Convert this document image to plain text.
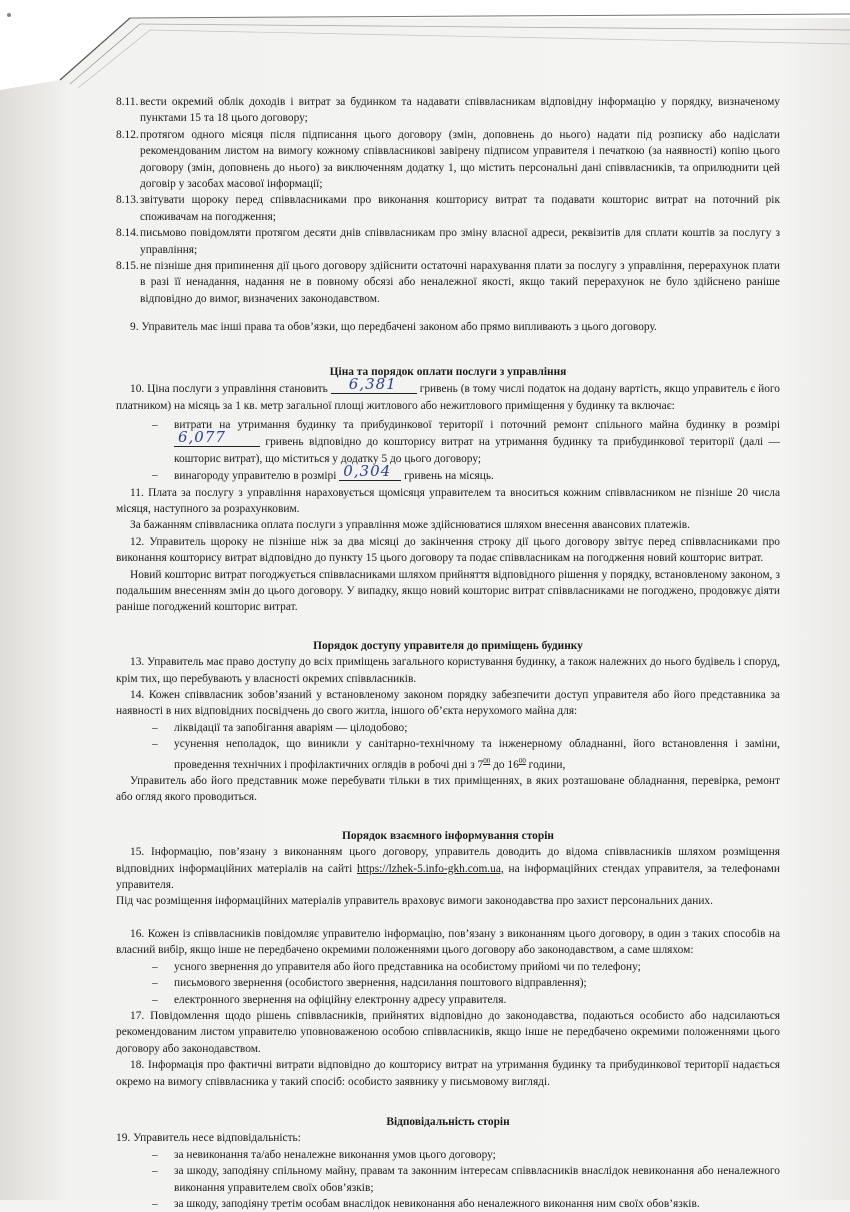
8.11. вести окремий облік доходів і витрат за будинком та надавати співвласникам відповідну інформацію у порядку, визначеному пунктами 15 та 18 цього договору;
8.12. протягом одного місяця після підписання цього договору (змін, доповнень до нього) надати під розписку або надіслати рекомендованим листом на вимогу кожному співвласникові завірену підписом управителя і печаткою (за наявності) копію цього договору (змін, доповнень до нього) за виключенням додатку 1, що містить персональні дані співвласників, та оприлюднити цей договір у засобах масової інформації;
8.13. звітувати щороку перед співвласниками про виконання кошторису витрат та подавати кошторис витрат на поточний рік споживачам на погодження;
8.14. письмово повідомляти протягом десяти днів співвласникам про зміну власної адреси, реквізитів для сплати коштів за послугу з управління;
8.15. не пізніше дня припинення дії цього договору здійснити остаточні нарахування плати за послугу з управління, перерахунок плати в разі її ненадання, надання не в повному обсязі або неналежної якості, якщо такий перерахунок не було здійснено раніше відповідно до вимог, визначених законодавством.
9. Управитель має інші права та обов’язки, що передбачені законом або прямо випливають з цього договору.
Ціна та порядок оплати послуги з управління
10. Ціна послуги з управління становить	6,381 гривень (в тому числі податок на додану вартість, якщо управитель є його платником) на місяць за 1 кв. метр загальної площі житлового або нежитлового приміщення у будинку та включає:
–	витрати на утримання будинку та прибудинкової території і поточний ремонт спільного майна будинку в розмірі
6,077	гривень відповідно до кошторису витрат на утримання будинку та прибудинкової території (далі — кошторис витрат), що міститься у додатку 5 до цього договору;
–	винагороду управителю в розмірі 0,304 гривень на місяць.
11. Плата за послугу з управління нараховується щомісяця управителем та вноситься кожним співвласником не пізніше 20 числа місяця, наступного за розрахунковим.
За бажанням співвласника оплата послуги з управління може здійснюватися шляхом внесення авансових платежів.
12. Управитель щороку не пізніше ніж за два місяці до закінчення строку дії цього договору звітує перед співвласниками про виконання кошторису витрат відповідно до пункту 15 цього договору та подає співвласникам на погодження новий кошторис витрат.
Новий кошторис витрат погоджується співвласниками шляхом прийняття відповідного рішення у порядку, встановленому законом, з подальшим внесенням змін до цього договору. У випадку, якщо новий кошторис витрат співвласниками не погоджено, продовжує діяти раніше погоджений кошторис витрат.
Порядок доступу управителя до приміщень будинку
13. Управитель має право доступу до всіх приміщень загального користування будинку, а також належних до нього будівель і споруд, крім тих, що перебувають у власності окремих співвласників.
14. Кожен співвласник зобов’язаний у встановленому законом порядку забезпечити доступ управителя або його представника за наявності в них відповідних посвідчень до свого житла, іншого об’єкта нерухомого майна для:
–	ліквідації та запобігання аваріям — цілодобово;
–	усунення неполадок, що виникли у санітарно-технічному та інженерному обладнанні, його встановлення і заміни, проведення технічних і профілактичних оглядів в робочі дні з $7^{00}$ до $16^{00}$ години,
Управитель або його представник може перебувати тільки в тих приміщеннях, в яких розташоване обладнання, перевірка, ремонт або огляд якого проводиться.
Порядок взаємного інформування сторін
15. Інформацію, пов’язану з виконанням цього договору, управитель доводить до відома співвласників шляхом розміщення відповідних інформаційних матеріалів на сайті https://lzhek-5.info-gkh.com.ua, на інформаційних стендах управителя, за телефонами управителя.
Під час розміщення інформаційних матеріалів управитель враховує вимоги законодавства про захист персональних даних.
16. Кожен із співвласників повідомляє управителю інформацію, пов’язану з виконанням цього договору, в один з таких способів на власний вибір, якщо інше не передбачено окремими положеннями цього договору або законодавством, а саме шляхом:
–	усного звернення до управителя або його представника на особистому прийомі чи по телефону;
–	письмового звернення (особистого звернення, надсилання поштового відправлення);
–	електронного звернення на офіційну електронну адресу управителя.
17. Повідомлення щодо рішень співвласників, прийнятих відповідно до законодавства, подаються особисто або надсилаються рекомендованим листом управителю уповноваженою особою співвласників, якщо інше не передбачено окремими положеннями цього договору або законодавством.
18. Інформація про фактичні витрати відповідно до кошторису витрат на утримання будинку та прибудинкової території надається окремо на вимогу співвласника у такий спосіб: особисто заявнику у письмовому вигляді.
Відповідальність сторін
19. Управитель несе відповідальність:
–	за невиконання та/або неналежне виконання умов цього договору;
–	за шкоду, заподіяну спільному майну, правам та законним інтересам співвласників внаслідок невиконання або неналежного виконання управителем своїх обов’язків;
–	за шкоду, заподіяну третім особам внаслідок невиконання або неналежного виконання ним своїх обов’язків.
